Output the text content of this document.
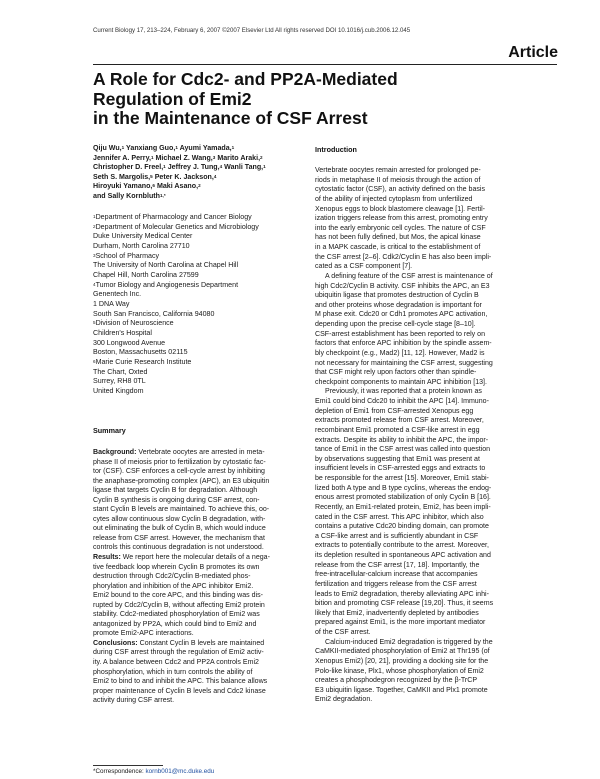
Current Biology 17, 213–224, February 6, 2007 ©2007 Elsevier Ltd All rights reserved DOI 10.1016/j.cub.2006.12.045
Article
A Role for Cdc2- and PP2A-Mediated
Regulation of Emi2
in the Maintenance of CSF Arrest
Qiju Wu,$^1$ Yanxiang Guo,$^1$ Ayumi Yamada,$^1$
Jennifer A. Perry,$^1$ Michael Z. Wang,$^3$ Marito Araki,$^2$
Christopher D. Freel,$^1$ Jeffrey J. Tung,$^4$ Wanli Tang,$^1$
Seth S. Margolis,$^5$ Peter K. Jackson,$^4$
Hiroyuki Yamano,$^6$ Maki Asano,$^2$
and Sally Kornbluth$^{1,*}$
$^1$Department of Pharmacology and Cancer Biology
$^2$Department of Molecular Genetics and Microbiology
Duke University Medical Center
Durham, North Carolina 27710
$^3$School of Pharmacy
The University of North Carolina at Chapel Hill
Chapel Hill, North Carolina 27599
$^4$Tumor Biology and Angiogenesis Department
Genentech Inc.
1 DNA Way
South San Francisco, California 94080
$^5$Division of Neuroscience
Children's Hospital
300 Longwood Avenue
Boston, Massachusetts 02115
$^6$Marie Curie Research Institute
The Chart, Oxted
Surrey, RH8 0TL
United Kingdom
Summary
Background: Vertebrate oocytes are arrested in meta-
phase II of meiosis prior to fertilization by cytostatic fac-
tor (CSF). CSF enforces a cell-cycle arrest by inhibiting
the anaphase-promoting complex (APC), an E3 ubiquitin
ligase that targets Cyclin B for degradation. Although
Cyclin B synthesis is ongoing during CSF arrest, con-
stant Cyclin B levels are maintained. To achieve this, oo-
cytes allow continuous slow Cyclin B degradation, with-
out eliminating the bulk of Cyclin B, which would induce
release from CSF arrest. However, the mechanism that
controls this continuous degradation is not understood.
Results: We report here the molecular details of a nega-
tive feedback loop wherein Cyclin B promotes its own
destruction through Cdc2/Cyclin B-mediated phos-
phorylation and inhibition of the APC inhibitor Emi2.
Emi2 bound to the core APC, and this binding was dis-
rupted by Cdc2/Cyclin B, without affecting Emi2 protein
stability. Cdc2-mediated phosphorylation of Emi2 was
antagonized by PP2A, which could bind to Emi2 and
promote Emi2-APC interactions.
Conclusions: Constant Cyclin B levels are maintained
during CSF arrest through the regulation of Emi2 activ-
ity. A balance between Cdc2 and PP2A controls Emi2
phosphorylation, which in turn controls the ability of
Emi2 to bind to and inhibit the APC. This balance allows
proper maintenance of Cyclin B levels and Cdc2 kinase
activity during CSF arrest.
*Correspondence: kornb001@mc.duke.edu
Introduction
Vertebrate oocytes remain arrested for prolonged pe-
riods in metaphase II of meiosis through the action of
cytostatic factor (CSF), an activity defined on the basis
of the ability of injected cytoplasm from unfertilized
Xenopus eggs to block blastomere cleavage [1]. Fertil-
ization triggers release from this arrest, promoting entry
into the early embryonic cell cycles. The nature of CSF
has not been fully defined, but Mos, the apical kinase
in a MAPK cascade, is critical to the establishment of
the CSF arrest [2–6]. Cdk2/Cyclin E has also been impli-
cated as a CSF component [7].
A defining feature of the CSF arrest is maintenance of
high Cdc2/Cyclin B activity. CSF inhibits the APC, an E3
ubiquitin ligase that promotes destruction of Cyclin B
and other proteins whose degradation is important for
M phase exit. Cdc20 or Cdh1 promotes APC activation,
depending upon the precise cell-cycle stage [8–10].
CSF-arrest establishment has been reported to rely on
factors that enforce APC inhibition by the spindle assem-
bly checkpoint (e.g., Mad2) [11, 12]. However, Mad2 is
not necessary for maintaining the CSF arrest, suggesting
that CSF might rely upon factors other than spindle-
checkpoint components to maintain APC inhibition [13].
Previously, it was reported that a protein known as
Emi1 could bind Cdc20 to inhibit the APC [14]. Immuno-
depletion of Emi1 from CSF-arrested Xenopus egg
extracts promoted release from CSF arrest. Moreover,
recombinant Emi1 promoted a CSF-like arrest in egg
extracts. Despite its ability to inhibit the APC, the impor-
tance of Emi1 in the CSF arrest was called into question
by observations suggesting that Emi1 was present at
insufficient levels in CSF-arrested eggs and extracts to
be responsible for the arrest [15]. Moreover, Emi1 stabi-
lized both A type and B type cyclins, whereas the endog-
enous arrest promoted stabilization of only Cyclin B [16].
Recently, an Emi1-related protein, Emi2, has been impli-
cated in the CSF arrest. This APC inhibitor, which also
contains a putative Cdc20 binding domain, can promote
a CSF-like arrest and is sufficiently abundant in CSF
extracts to potentially contribute to the arrest. Moreover,
its depletion resulted in spontaneous APC activation and
release from the CSF arrest [17, 18]. Importantly, the
free-intracellular-calcium increase that accompanies
fertilization and triggers release from the CSF arrest
leads to Emi2 degradation, thereby alleviating APC inhi-
bition and promoting CSF release [19,20]. Thus, it seems
likely that Emi2, inadvertently depleted by antibodies
prepared against Emi1, is the more important mediator
of the CSF arrest.
Calcium-induced Emi2 degradation is triggered by the
CaMKII-mediated phosphorylation of Emi2 at Thr195 (of
Xenopus Emi2) [20, 21], providing a docking site for the
Polo-like kinase, Plx1, whose phosphorylation of Emi2
creates a phosphodegron recognized by the β-TrCP
E3 ubiquitin ligase. Together, CaMKII and Plx1 promote
Emi2 degradation.
